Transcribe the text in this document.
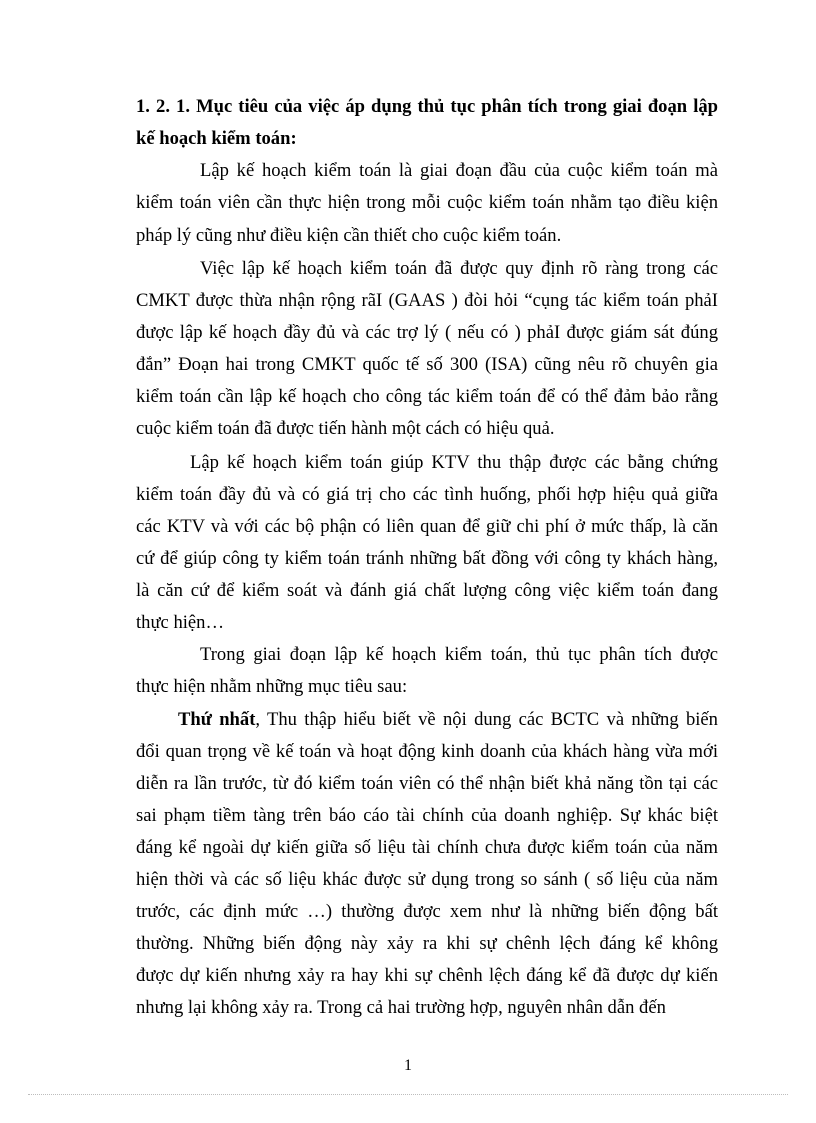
1. 2. 1. Mục tiêu của việc áp dụng thủ tục phân tích trong giai đoạn lập
kế hoạch kiểm toán:
Lập kế hoạch kiểm toán là giai đoạn đầu của cuộc kiểm toán mà
kiểm toán viên cần thực hiện trong mỗi cuộc kiểm toán nhằm tạo điều kiện
pháp lý cũng như điều kiện cần thiết cho cuộc kiểm toán.
Việc lập kế hoạch kiểm toán đã được quy định rõ ràng trong các
CMKT được thừa nhận rộng rãI (GAAS ) đòi hỏi “cụng tác kiểm toán phảI
được lập kế hoạch đầy đủ và các trợ lý ( nếu có ) phảI được giám sát đúng
đắn” Đoạn hai trong CMKT quốc tế số 300 (ISA) cũng nêu rõ chuyên gia
kiểm toán cần lập kế hoạch cho công tác kiểm toán để có thể đảm bảo rằng
cuộc kiểm toán đã được tiến hành một cách có hiệu quả.
Lập kế hoạch kiểm toán giúp KTV thu thập được các bằng chứng
kiểm toán đầy đủ và có giá trị cho các tình huống, phối hợp hiệu quả giữa
các KTV và với các bộ phận có liên quan để giữ chi phí ở mức thấp, là căn
cứ để giúp công ty kiểm toán tránh những bất đồng với công ty khách hàng,
là căn cứ để kiểm soát và đánh giá chất lượng công việc kiểm toán đang
thực hiện…
Trong giai đoạn lập kế hoạch kiểm toán, thủ tục phân tích được
thực hiện nhằm những mục tiêu sau:
Thứ nhất, Thu thập hiểu biết về nội dung các BCTC và những biến
đổi quan trọng về kế toán và hoạt động kinh doanh của khách hàng vừa mới
diễn ra lần trước, từ đó kiểm toán viên có thể nhận biết khả năng tồn tại các
sai phạm tiềm tàng trên báo cáo tài chính của doanh nghiệp. Sự khác biệt
đáng kể ngoài dự kiến giữa số liệu tài chính chưa được kiểm toán của năm
hiện thời và các số liệu khác được sử dụng trong so sánh ( số liệu của năm
trước, các định mức …) thường được xem như là những biến động bất
thường. Những biến động này xảy ra khi sự chênh lệch đáng kể không
được dự kiến nhưng xảy ra hay khi sự chênh lệch đáng kể đã được dự kiến
nhưng lại không xảy ra. Trong cả hai trường hợp, nguyên nhân dẫn đến
1
